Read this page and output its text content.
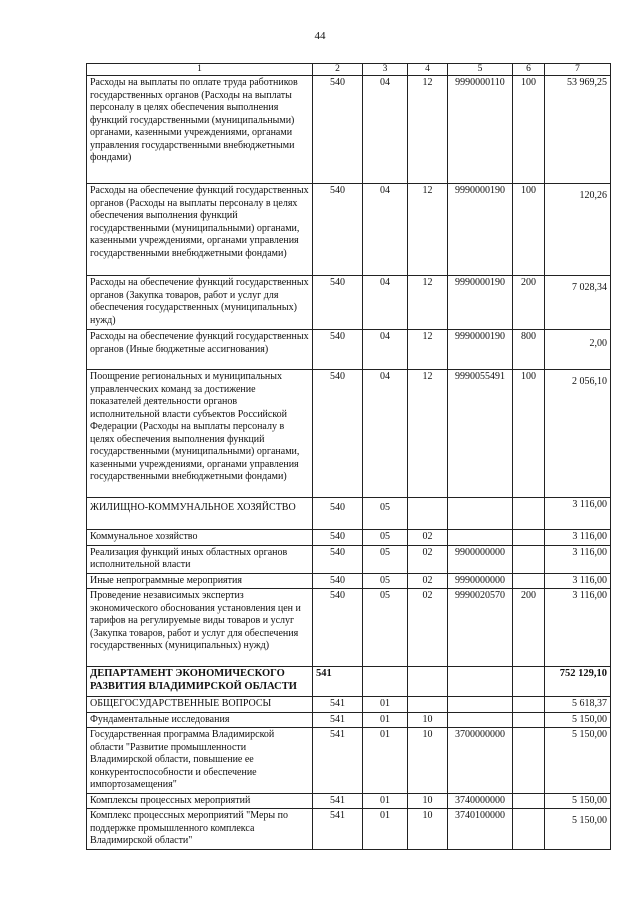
44
1	2	3	4	5	6	7
Расходы на выплаты по оплате труда работников государственных органов (Расходы на выплаты персоналу в целях обеспечения выполнения функций государственными (муниципальными) органами, казенными учреждениями, органами управления государственными внебюджетными фондами)	540	04	12	9990000110	100	53 969,25
Расходы на обеспечение функций государственных органов (Расходы на выплаты персоналу в целях обеспечения выполнения функций государственными (муниципальными) органами, казенными учреждениями, органами управления государственными внебюджетными фондами)	540	04	12	9990000190	100	120,26
Расходы на обеспечение функций государственных органов (Закупка товаров, работ и услуг для обеспечения государственных (муниципальных) нужд)	540	04	12	9990000190	200	7 028,34
Расходы на обеспечение функций государственных органов (Иные бюджетные ассигнования)	540	04	12	9990000190	800	2,00
Поощрение региональных и муниципальных управленческих команд за достижение показателей деятельности органов исполнительной власти субъектов Российской Федерации (Расходы на выплаты персоналу в целях обеспечения выполнения функций государственными (муниципальными) органами, казенными учреждениями, органами управления государственными внебюджетными фондами)	540	04	12	9990055491	100	2 056,10
ЖИЛИЩНО-КОММУНАЛЬНОЕ ХОЗЯЙСТВО	540	05				3 116,00
Коммунальное хозяйство	540	05	02			3 116,00
Реализация функций иных областных органов исполнительной власти	540	05	02	9900000000		3 116,00
Иные непрограммные мероприятия	540	05	02	9990000000		3 116,00
Проведение независимых экспертиз экономического обоснования установления цен и тарифов на регулируемые виды товаров и услуг (Закупка товаров, работ и услуг для обеспечения государственных (муниципальных) нужд)	540	05	02	9990020570	200	3 116,00
ДЕПАРТАМЕНТ ЭКОНОМИЧЕСКОГО РАЗВИТИЯ ВЛАДИМИРСКОЙ ОБЛАСТИ	541					752 129,10
ОБЩЕГОСУДАРСТВЕННЫЕ ВОПРОСЫ	541	01				5 618,37
Фундаментальные исследования	541	01	10			5 150,00
Государственная программа Владимирской области "Развитие промышленности Владимирской области, повышение ее конкурентоспособности и обеспечение импортозамещения"	541	01	10	3700000000		5 150,00
Комплексы процессных мероприятий	541	01	10	3740000000		5 150,00
Комплекс процессных мероприятий "Меры по поддержке промышленного комплекса Владимирской области"	541	01	10	3740100000		5 150,00
